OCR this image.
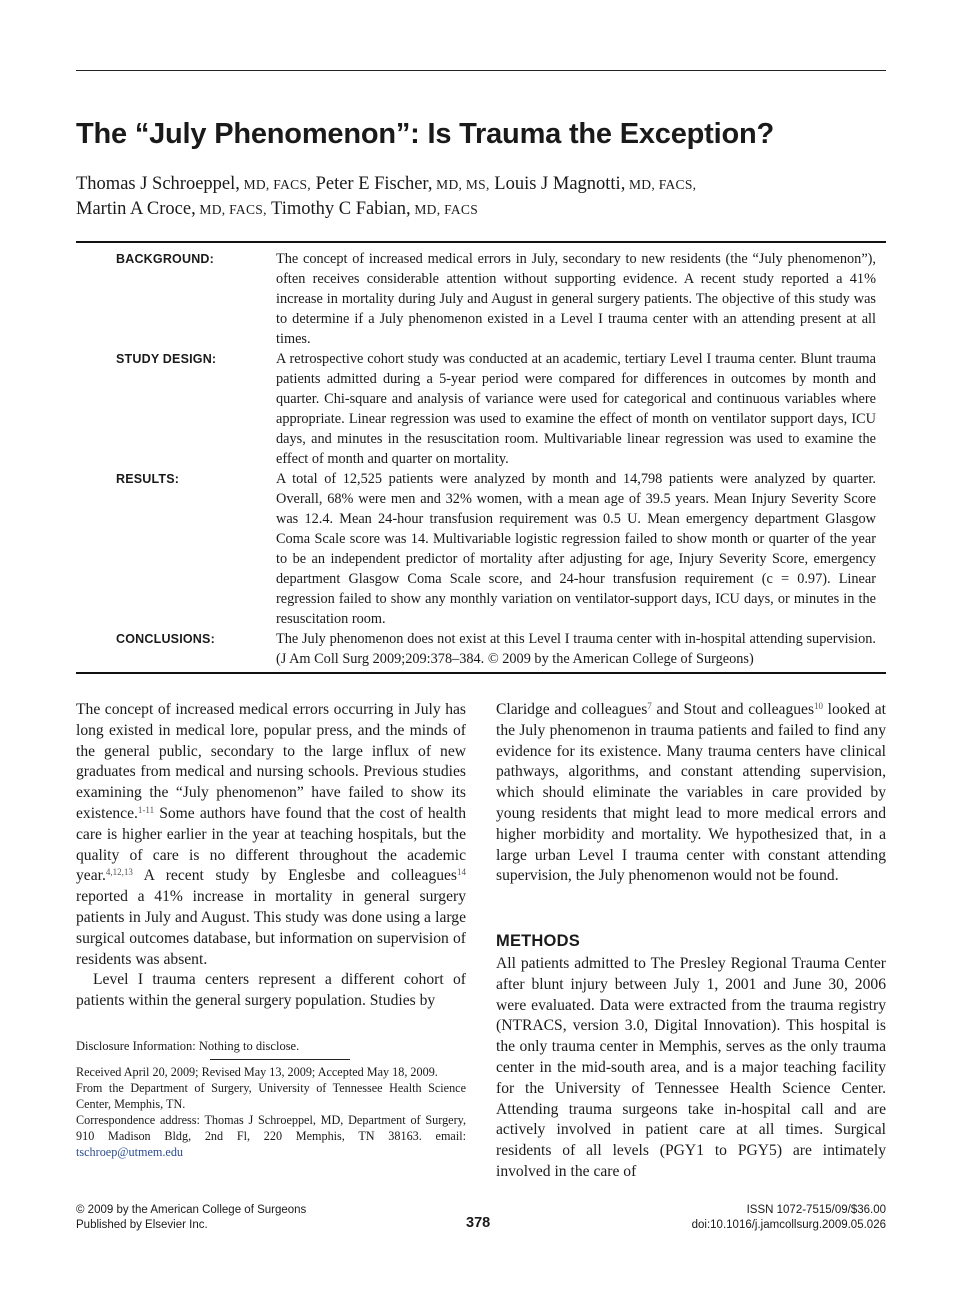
The “July Phenomenon”: Is Trauma the Exception?
Thomas J Schroeppel, MD, FACS, Peter E Fischer, MD, MS, Louis J Magnotti, MD, FACS,
Martin A Croce, MD, FACS, Timothy C Fabian, MD, FACS
BACKGROUND:	The concept of increased medical errors in July, secondary to new residents (the “July phenomenon”), often receives considerable attention without supporting evidence. A recent study reported a 41% increase in mortality during July and August in general surgery patients. The objective of this study was to determine if a July phenomenon existed in a Level I trauma center with an attending present at all times.
STUDY DESIGN:	A retrospective cohort study was conducted at an academic, tertiary Level I trauma center. Blunt trauma patients admitted during a 5-year period were compared for differences in outcomes by month and quarter. Chi-square and analysis of variance were used for categorical and continuous variables where appropriate. Linear regression was used to examine the effect of month on ventilator support days, ICU days, and minutes in the resuscitation room. Multivariable linear regression was used to examine the effect of month and quarter on mortality.
RESULTS:	A total of 12,525 patients were analyzed by month and 14,798 patients were analyzed by quarter. Overall, 68% were men and 32% women, with a mean age of 39.5 years. Mean Injury Severity Score was 12.4. Mean 24-hour transfusion requirement was 0.5 U. Mean emergency department Glasgow Coma Scale score was 14. Multivariable logistic regression failed to show month or quarter of the year to be an independent predictor of mortality after adjusting for age, Injury Severity Score, emergency department Glasgow Coma Scale score, and 24-hour transfusion requirement (c = 0.97). Linear regression failed to show any monthly variation on ventilator-support days, ICU days, or minutes in the resuscitation room.
CONCLUSIONS:	The July phenomenon does not exist at this Level I trauma center with in-hospital attending supervision. (J Am Coll Surg 2009;209:378–384. © 2009 by the American College of Surgeons)

The concept of increased medical errors occurring in July has long existed in medical lore, popular press, and the minds of the general public, secondary to the large influx of new graduates from medical and nursing schools. Previous studies examining the “July phenomenon” have failed to show its existence.$^{1-11}$ Some authors have found that the cost of health care is higher earlier in the year at teaching hospitals, but the quality of care is no different throughout the academic year.$^{4,12,13}$ A recent study by Englesbe and colleagues$^{14}$ reported a 41% increase in mortality in general surgery patients in July and August. This study was done using a large surgical outcomes database, but information on supervision of residents was absent.

Level I trauma centers represent a different cohort of patients within the general surgery population. Studies by

Claridge and colleagues$^7$ and Stout and colleagues$^{10}$ looked at the July phenomenon in trauma patients and failed to find any evidence for its existence. Many trauma centers have clinical pathways, algorithms, and constant attending supervision, which should eliminate the variables in care provided by young residents that might lead to more medical errors and higher morbidity and mortality. We hypothesized that, in a large urban Level I trauma center with constant attending supervision, the July phenomenon would not be found.

METHODS

All patients admitted to The Presley Regional Trauma Center after blunt injury between July 1, 2001 and June 30, 2006 were evaluated. Data were extracted from the trauma registry (NTRACS, version 3.0, Digital Innovation). This hospital is the only trauma center in Memphis, serves as the only trauma center in the mid-south area, and is a major teaching facility for the University of Tennessee Health Science Center. Attending trauma surgeons take in-hospital call and are actively involved in patient care at all times. Surgical residents of all levels (PGY1 to PGY5) are intimately involved in the care of

Disclosure Information: Nothing to disclose.

Received April 20, 2009; Revised May 13, 2009; Accepted May 18, 2009.

From the Department of Surgery, University of Tennessee Health Science Center, Memphis, TN.

Correspondence address: Thomas J Schroeppel, MD, Department of Surgery, 910 Madison Bldg, 2nd Fl, 220 Memphis, TN 38163. email: tschroep@utmem.edu

© 2009 by the American College of Surgeons
Published by Elsevier Inc.	378
ISSN 1072-7515/09/$36.00
doi:10.1016/j.jamcollsurg.2009.05.026
